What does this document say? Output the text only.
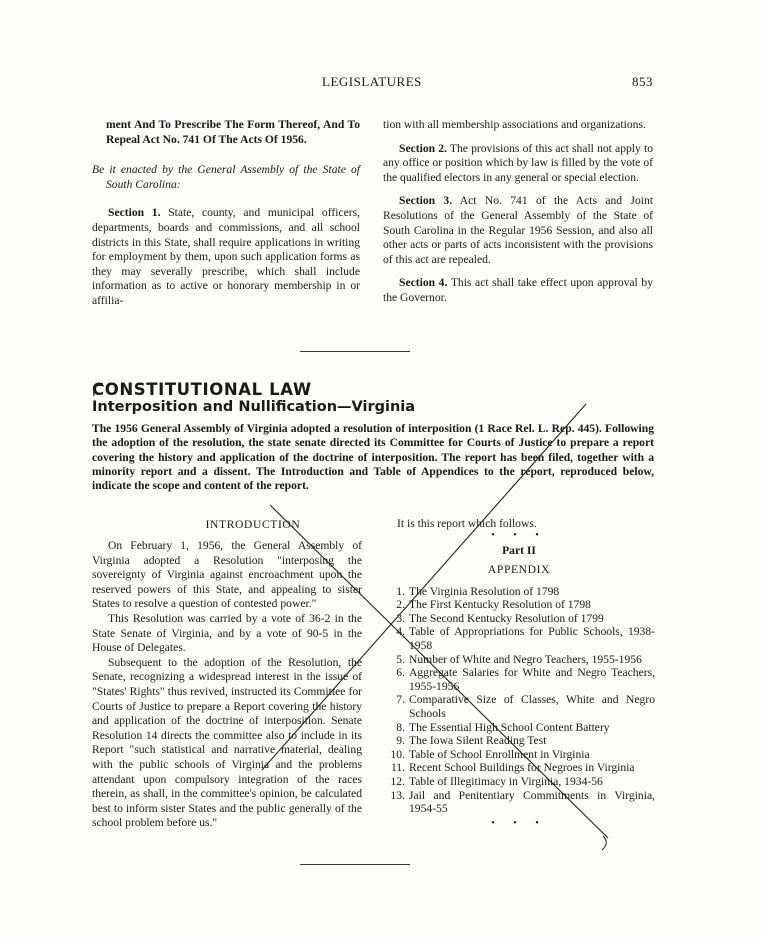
LEGISLATURES	853

ment And To Prescribe The Form Thereof, And To Repeal Act No. 741 Of The Acts Of 1956.

Be it enacted by the General Assembly of the State of South Carolina:

Section 1. State, county, and municipal officers, departments, boards and commissions, and all school districts in this State, shall require applications in writing for employment by them, upon such application forms as they may severally prescribe, which shall include information as to active or honorary membership in or affilia-

tion with all membership associations and organizations.

Section 2. The provisions of this act shall not apply to any office or position which by law is filled by the vote of the qualified electors in any general or special election.

Section 3. Act No. 741 of the Acts and Joint Resolutions of the General Assembly of the State of South Carolina in the Regular 1956 Session, and also all other acts or parts of acts inconsistent with the provisions of this act are repealed.

Section 4. This act shall take effect upon approval by the Governor.

CONSTITUTIONAL LAW
Interposition and Nullification—Virginia
The 1956 General Assembly of Virginia adopted a resolution of interposition (1 Race Rel. L. Rep. 445). Following the adoption of the resolution, the state senate directed its Committee for Courts of Justice to prepare a report covering the history and application of the doctrine of interposition. The report has been filed, together with a minority report and a dissent. The Introduction and Table of Appendices to the report, reproduced below, indicate the scope and content of the report.
INTRODUCTION

On February 1, 1956, the General Assembly of Virginia adopted a Resolution "interposing the sovereignty of Virginia against encroachment upon the reserved powers of this State, and appealing to sister States to resolve a question of contested power."

This Resolution was carried by a vote of 36-2 in the State Senate of Virginia, and by a vote of 90-5 in the House of Delegates.

Subsequent to the adoption of the Resolution, the Senate, recognizing a widespread interest in the issue of "States' Rights" thus revived, instructed its Committee for Courts of Justice to prepare a Report covering the history and application of the doctrine of interposition. Senate Resolution 14 directs the committee also to include in its Report "such statistical and narrative material, dealing with the public schools of Virginia and the problems attendant upon compulsory integration of the races therein, as shall, in the committee's opinion, be calculated best to inform sister States and the public generally of the school problem before us."

It is this report which follows.
• • •
Part II
APPENDIX
1. The Virginia Resolution of 1798
2. The First Kentucky Resolution of 1798
3. The Second Kentucky Resolution of 1799
4. Table of Appropriations for Public Schools, 1938-1958
5. Number of White and Negro Teachers, 1955-1956
6. Aggregate Salaries for White and Negro Teachers, 1955-1956
7. Comparative Size of Classes, White and Negro Schools
8. The Essential High School Content Battery
9. The Iowa Silent Reading Test
10. Table of School Enrollment in Virginia
11. Recent School Buildings for Negroes in Virginia
12. Table of Illegitimacy in Virginia, 1934-56
13. Jail and Penitentiary Commitments in Virginia, 1954-55
• • •
